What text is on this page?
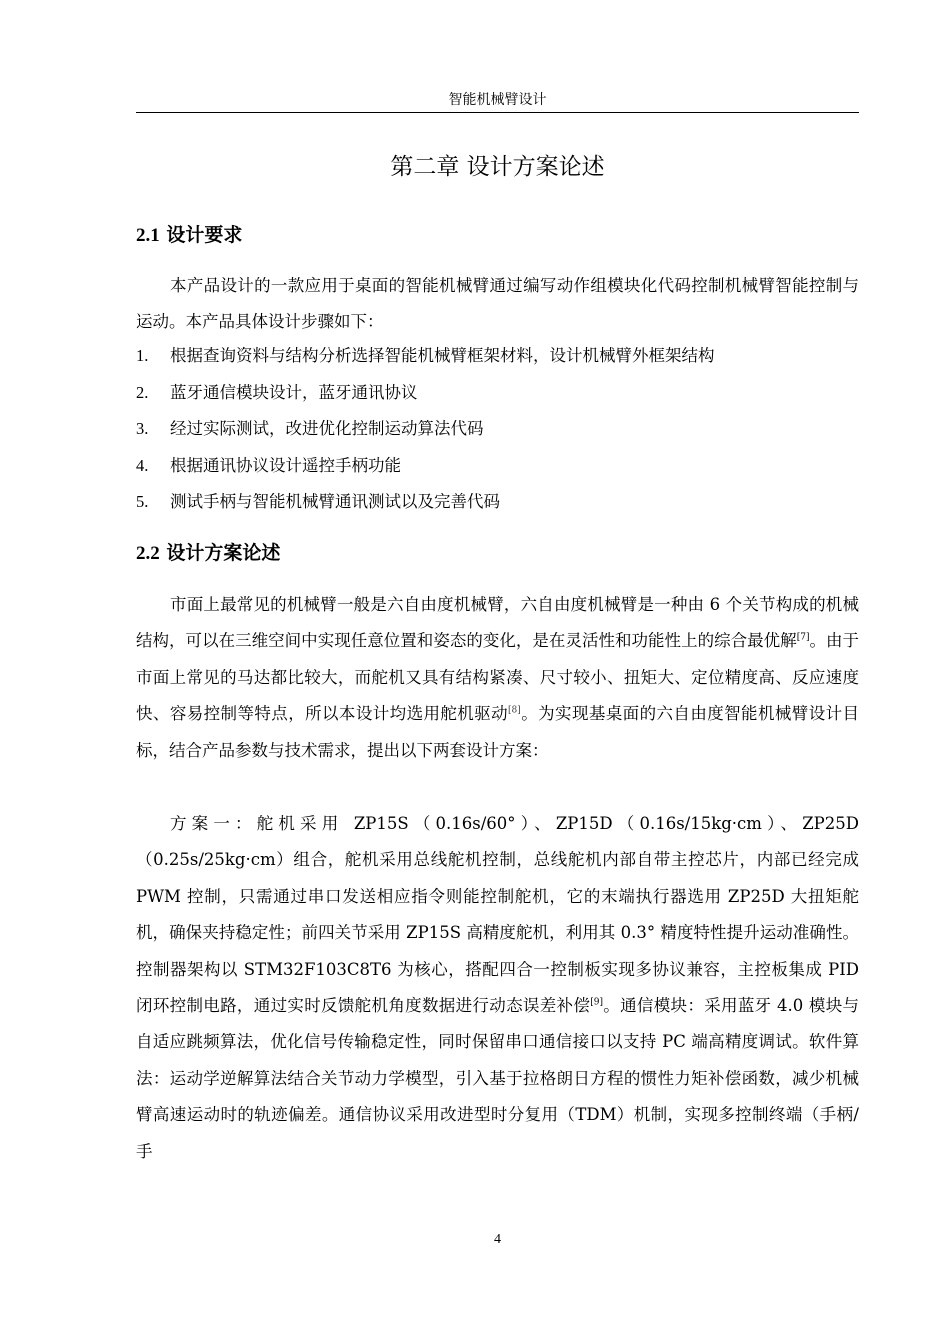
智能机械臂设计
第二章 设计方案论述
2.1 设计要求

本产品设计的一款应用于桌面的智能机械臂通过编写动作组模块化代码控制机械臂智能控制与运动。本产品具体设计步骤如下：

1. 根据查询资料与结构分析选择智能机械臂框架材料，设计机械臂外框架结构
2. 蓝牙通信模块设计，蓝牙通讯协议
3. 经过实际测试，改进优化控制运动算法代码
4. 根据通讯协议设计遥控手柄功能
5. 测试手柄与智能机械臂通讯测试以及完善代码
2.2 设计方案论述

市面上最常见的机械臂一般是六自由度机械臂，六自由度机械臂是一种由 6 个关节构成的机械结构，可以在三维空间中实现任意位置和姿态的变化，是在灵活性和功能性上的综合最优解[7]。由于市面上常见的马达都比较大，而舵机又具有结构紧凑、尺寸较小、扭矩大、定位精度高、反应速度快、容易控制等特点，所以本设计均选用舵机驱动[8]。为实现基桌面的六自由度智能机械臂设计目标，结合产品参数与技术需求，提出以下两套设计方案：

方案一：舵机采用 ZP15S（0.16s/60°）、ZP15D（0.16s/15kg·cm）、ZP25D（0.25s/25kg·cm）组合，舵机采用总线舵机控制，总线舵机内部自带主控芯片，内部已经完成 PWM 控制，只需通过串口发送相应指令则能控制舵机，它的末端执行器选用 ZP25D 大扭矩舵机，确保夹持稳定性；前四关节采用 ZP15S 高精度舵机，利用其 0.3° 精度特性提升运动准确性。控制器架构以 STM32F103C8T6 为核心，搭配四合一控制板实现多协议兼容，主控板集成 PID 闭环控制电路，通过实时反馈舵机角度数据进行动态误差补偿[9]。通信模块：采用蓝牙 4.0 模块与自适应跳频算法，优化信号传输稳定性，同时保留串口通信接口以支持 PC 端高精度调试。软件算法：运动学逆解算法结合关节动力学模型，引入基于拉格朗日方程的惯性力矩补偿函数，减少机械臂高速运动时的轨迹偏差。通信协议采用改进型时分复用（TDM）机制，实现多控制终端（手柄/手

4
